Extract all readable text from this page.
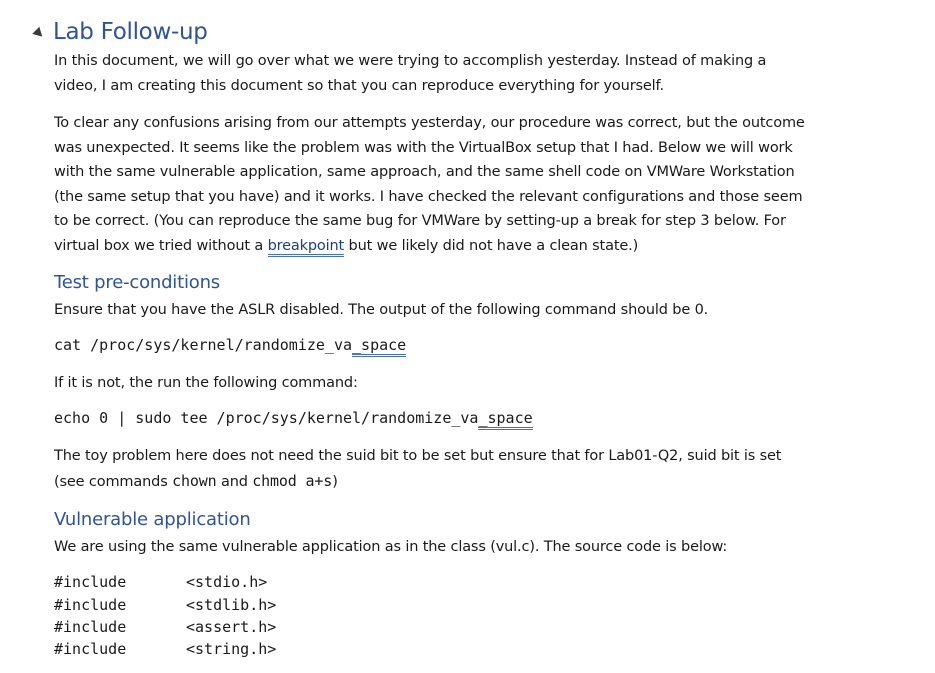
Lab Follow-up
In this document, we will go over what we were trying to accomplish yesterday. Instead of making a
video, I am creating this document so that you can reproduce everything for yourself.
To clear any confusions arising from our attempts yesterday, our procedure was correct, but the outcome
was unexpected. It seems like the problem was with the VirtualBox setup that I had. Below we will work
with the same vulnerable application, same approach, and the same shell code on VMWare Workstation
(the same setup that you have) and it works. I have checked the relevant configurations and those seem
to be correct. (You can reproduce the same bug for VMWare by setting-up a break for step 3 below. For
virtual box we tried without a breakpoint but we likely did not have a clean state.)
Test pre-conditions
Ensure that you have the ASLR disabled. The output of the following command should be 0.
cat /proc/sys/kernel/randomize_va_space
If it is not, the run the following command:
echo 0 | sudo tee /proc/sys/kernel/randomize_va_space
The toy problem here does not need the suid bit to be set but ensure that for Lab01-Q2, suid bit is set
(see commands chown and chmod a+s)
Vulnerable application
We are using the same vulnerable application as in the class (vul.c). The source code is below:
#include	<stdio.h>
#include	<stdlib.h>
#include	<assert.h>
#include	<string.h>
